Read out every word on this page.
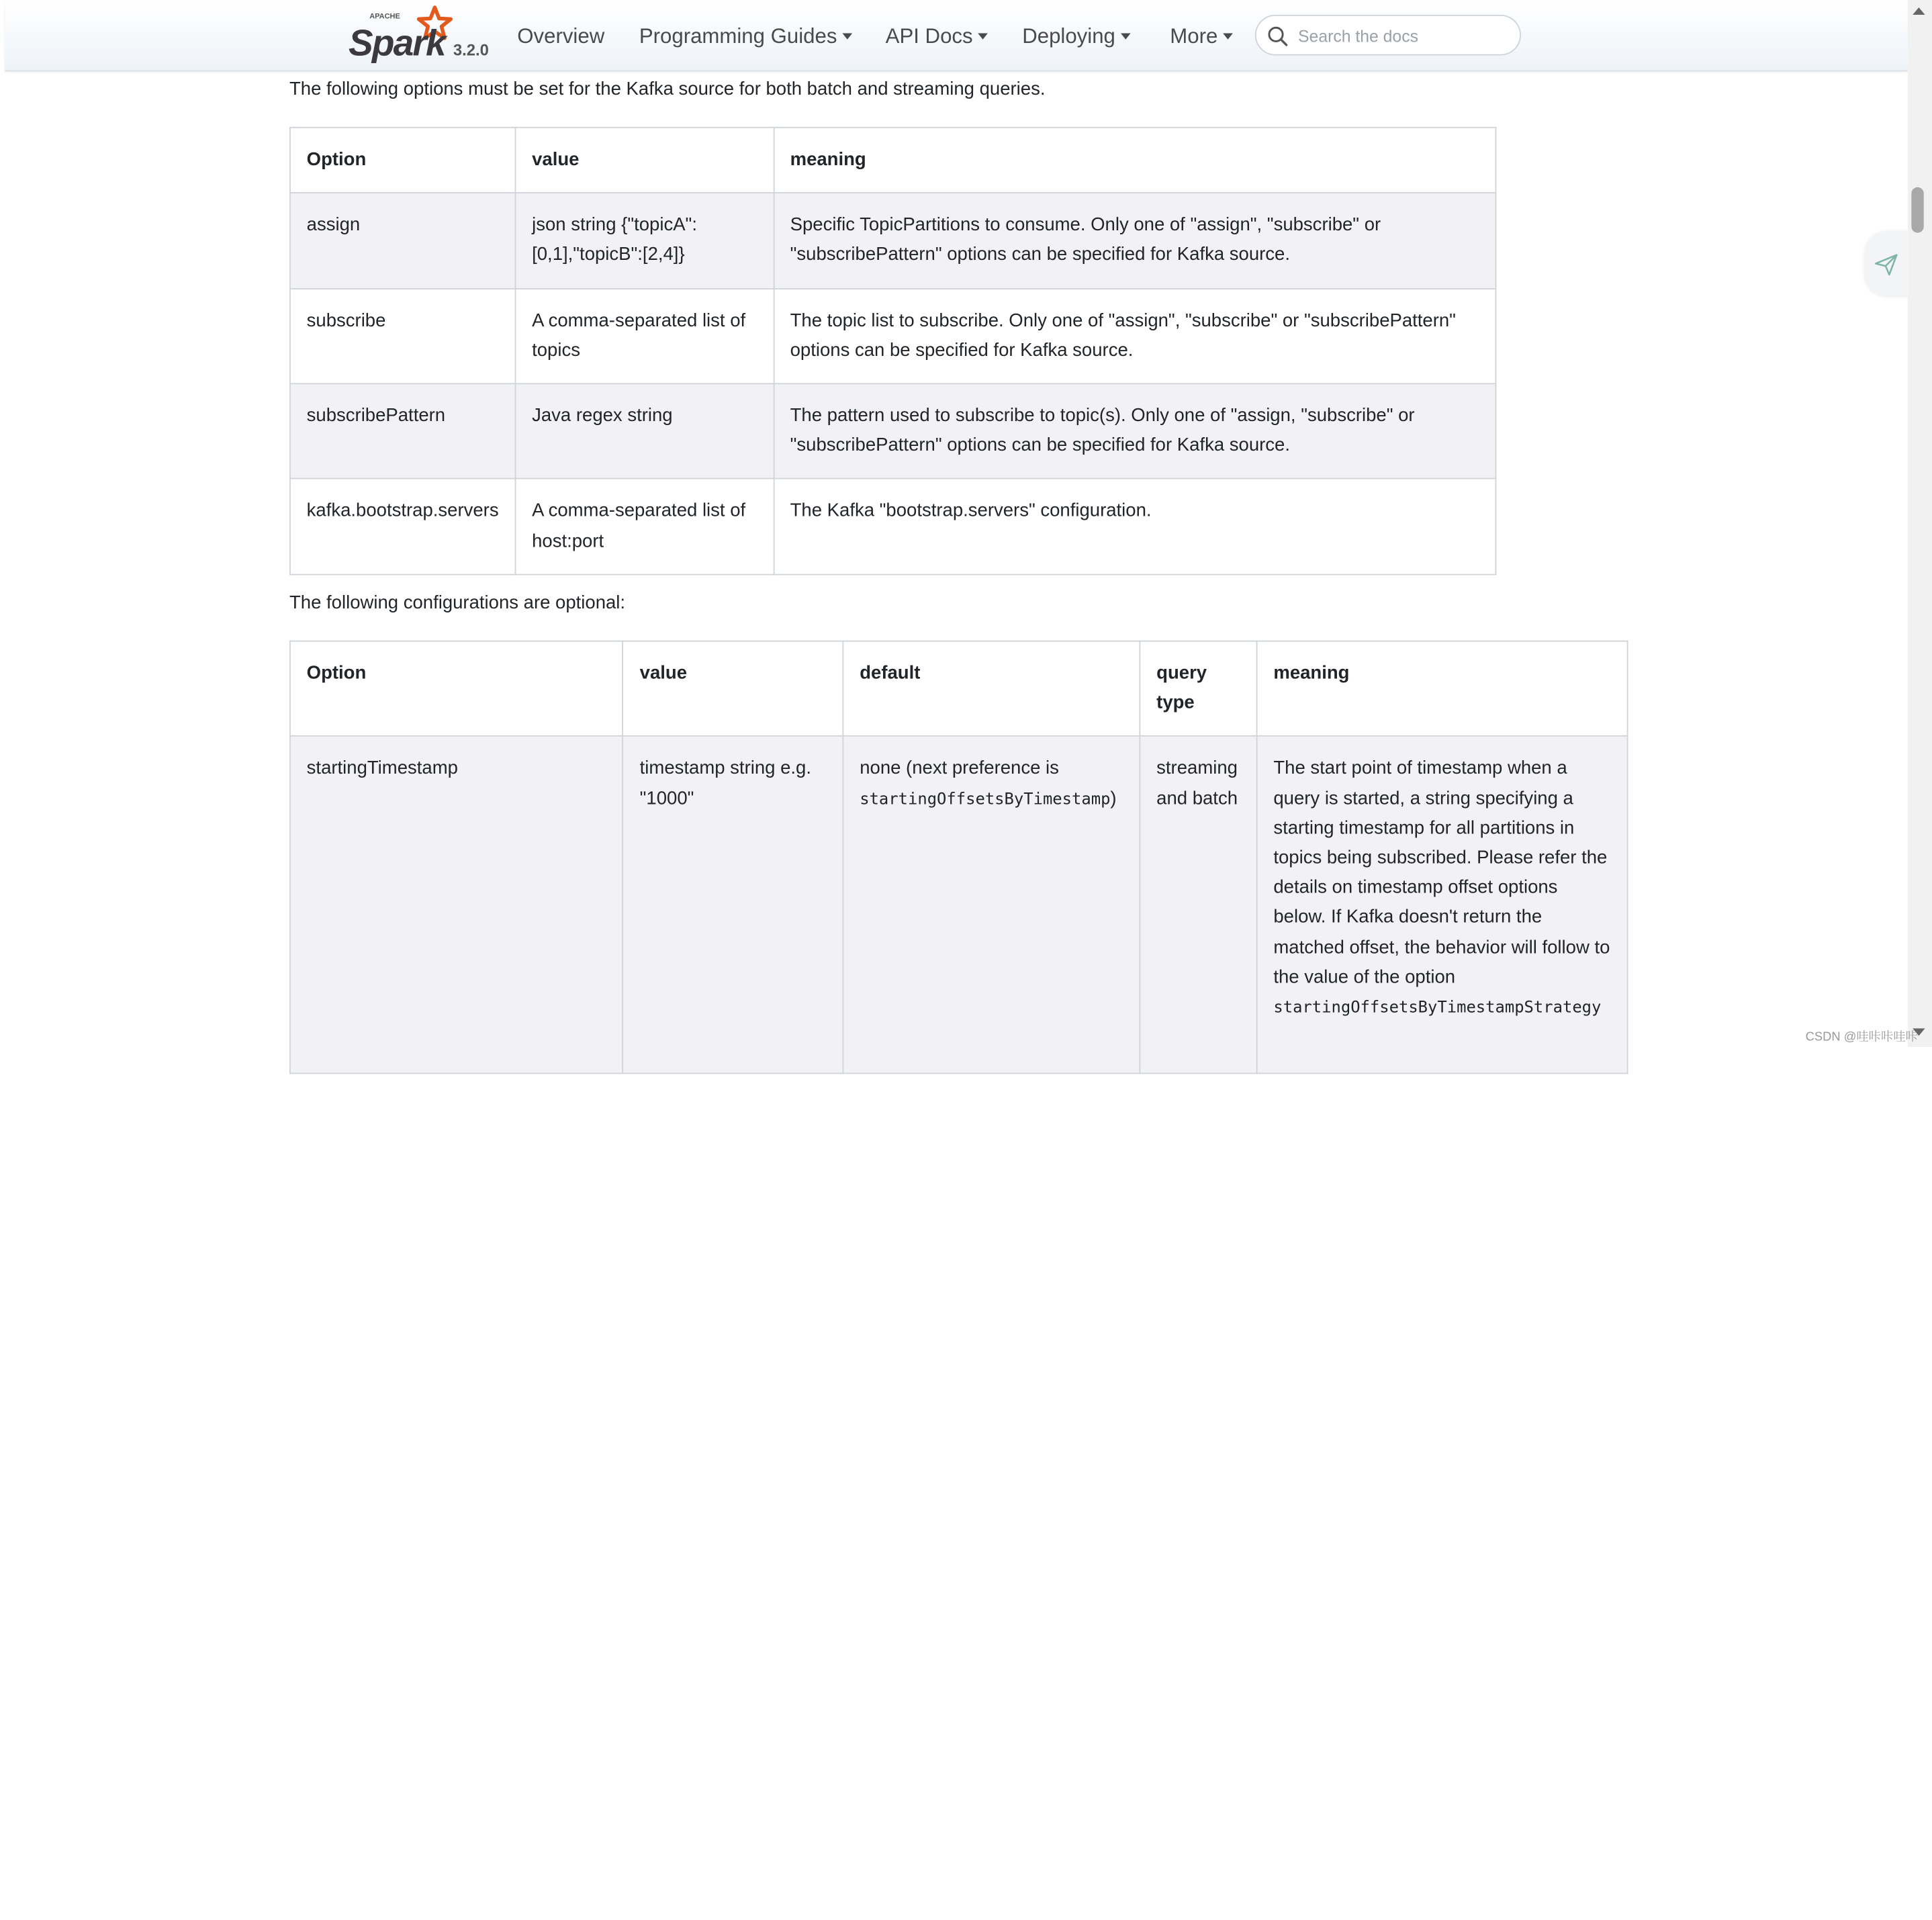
APACHE
Spark 3.2.0
Overview	Programming Guides	API Docs	Deploying	More
Search the docs
The following options must be set for the Kafka source for both batch and streaming queries.
Option	value	meaning
assign	json string {"topicA":[0,1],"topicB":[2,4]}	Specific TopicPartitions to consume. Only one of "assign", "subscribe" or "subscribePattern" options can be specified for Kafka source.
subscribe	A comma-separated list of topics	The topic list to subscribe. Only one of "assign", "subscribe" or "subscribePattern" options can be specified for Kafka source.
subscribePattern	Java regex string	The pattern used to subscribe to topic(s). Only one of "assign, "subscribe" or "subscribePattern" options can be specified for Kafka source.
kafka.bootstrap.servers	A comma-separated list of host:port	The Kafka "bootstrap.servers" configuration.
The following configurations are optional:
Option	value	default	query type	meaning
startingTimestamp	timestamp string e.g. "1000"	none (next preference is startingOffsetsByTimestamp)	streaming and batch	The start point of timestamp when a query is started, a string specifying a starting timestamp for all partitions in topics being subscribed. Please refer the details on timestamp offset options below. If Kafka doesn't return the matched offset, the behavior will follow to the value of the option startingOffsetsByTimestampStrategy
CSDN @哇咔咔哇咔
